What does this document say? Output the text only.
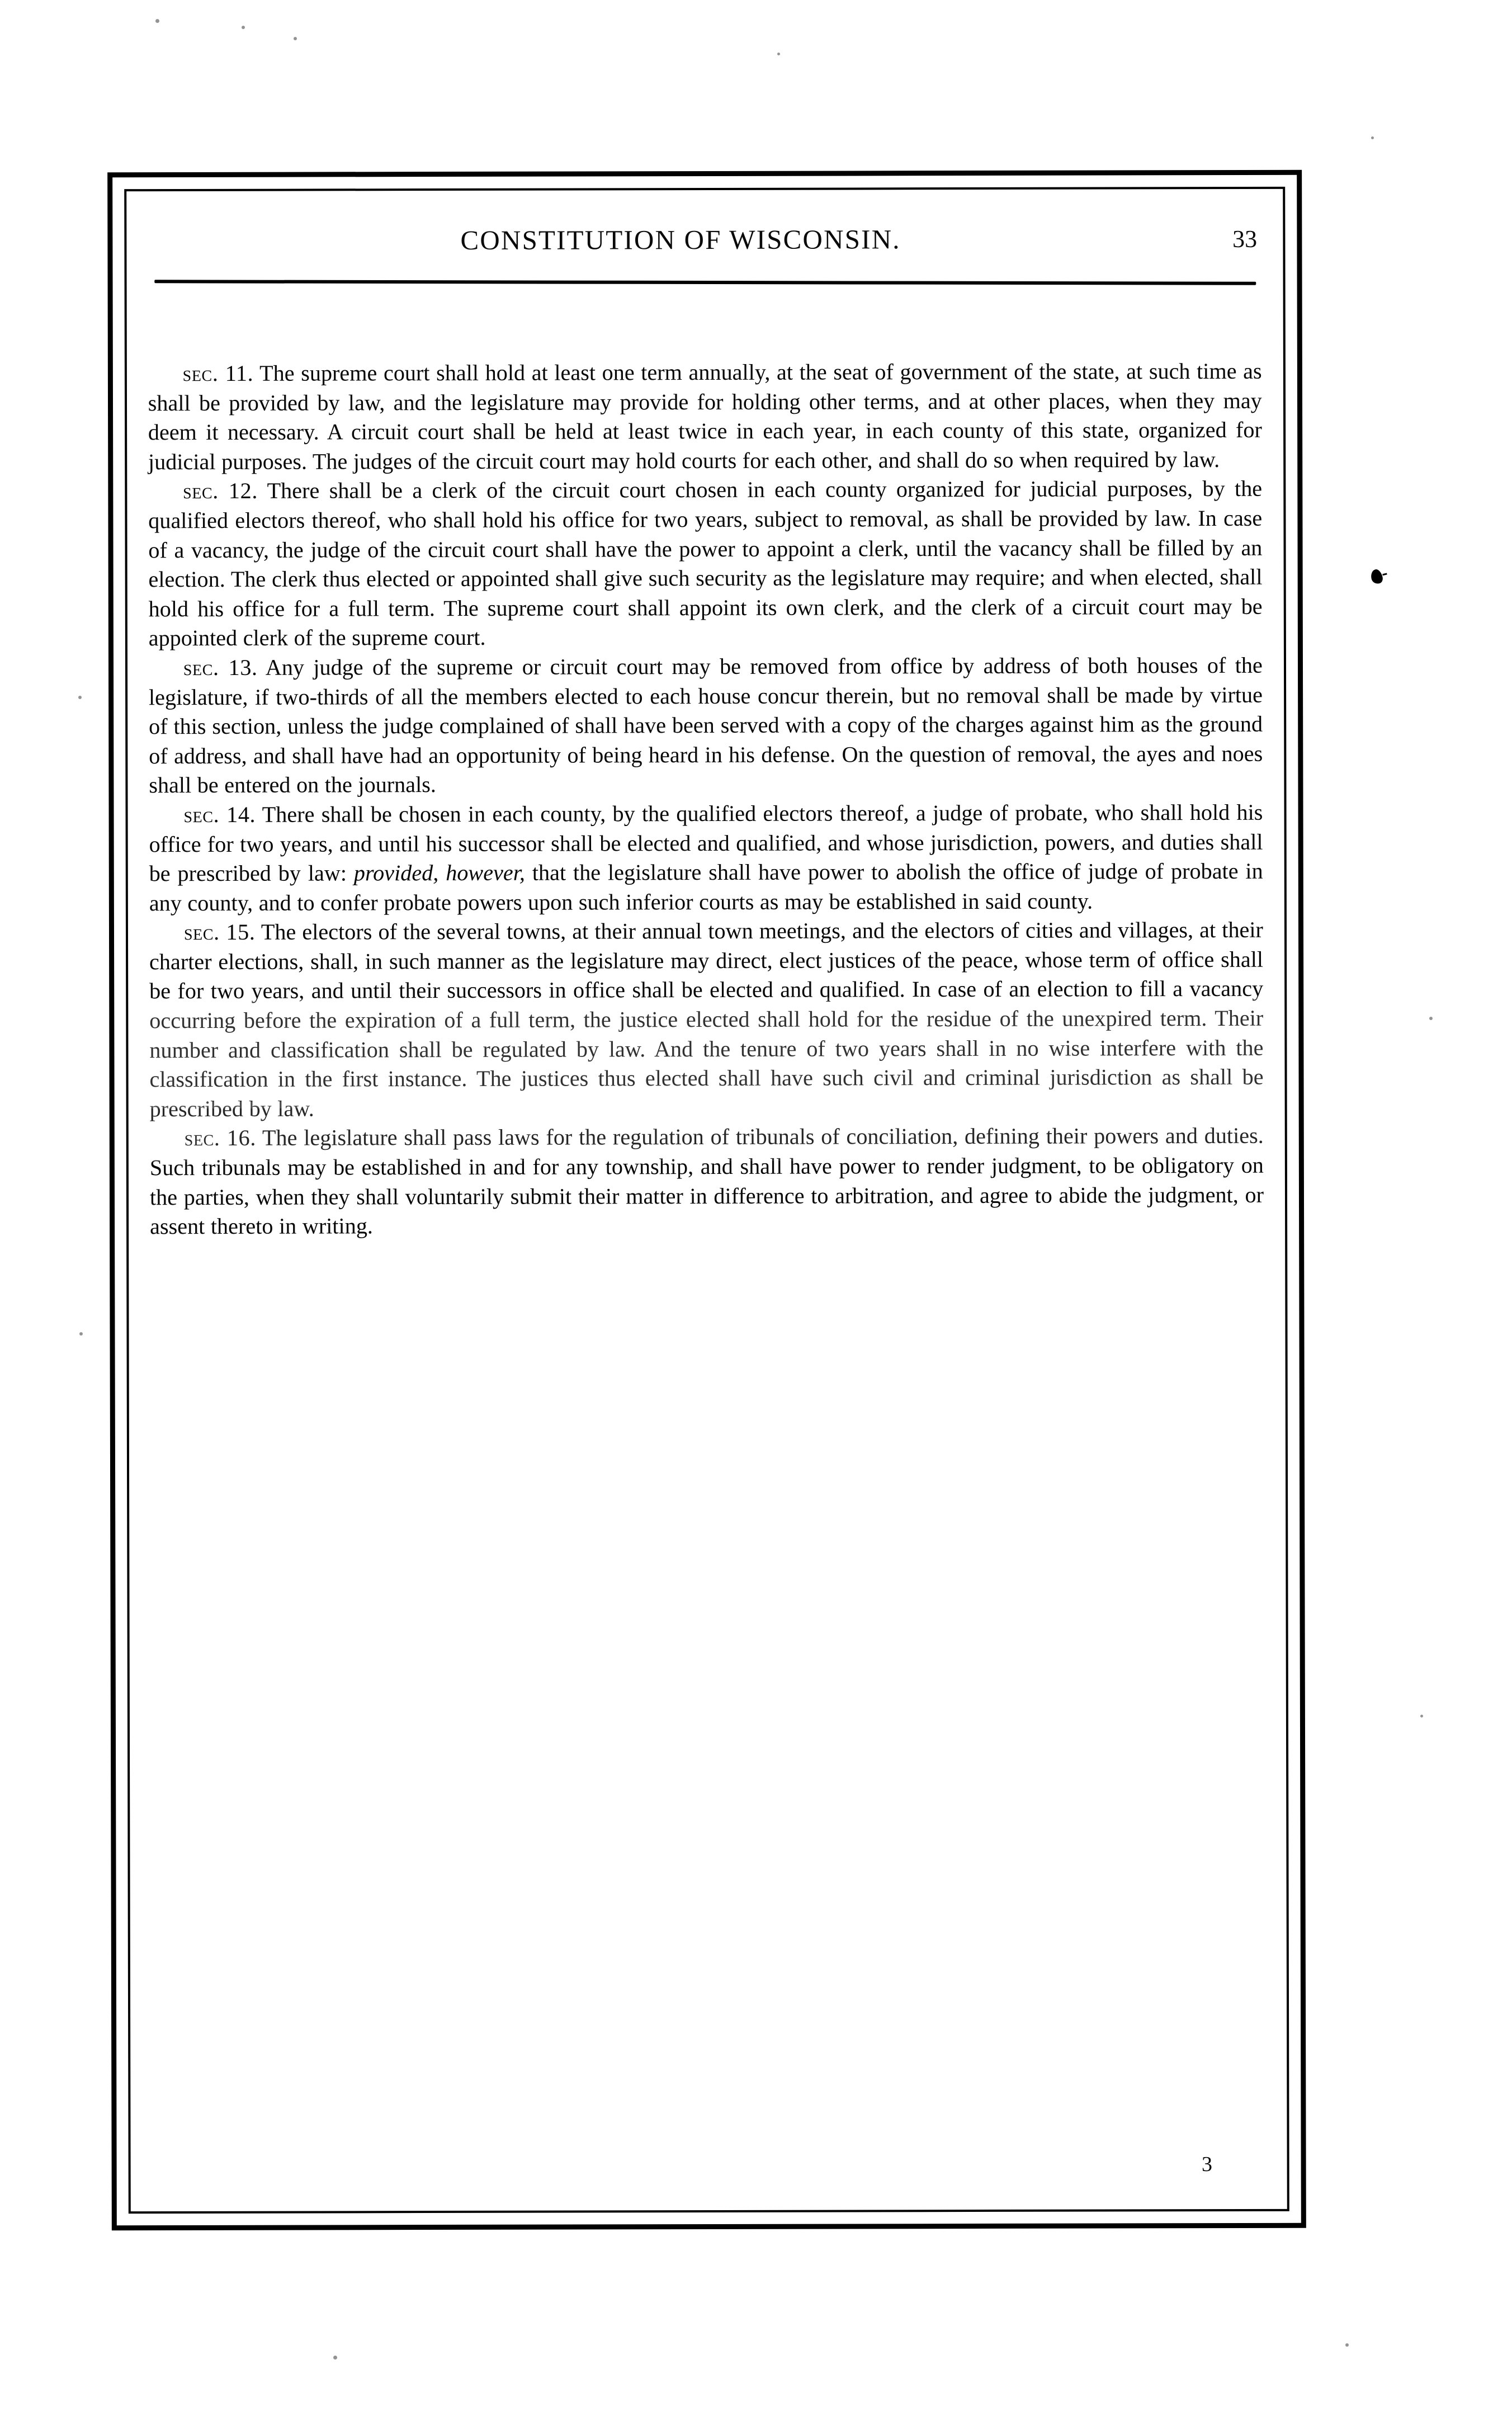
CONSTITUTION OF WISCONSIN.	33

sec. 11. The supreme court shall hold at least one term annually, at the seat of government of the state, at such time as shall be provided by law, and the legislature may provide for holding other terms, and at other places, when they may deem it necessary. A circuit court shall be held at least twice in each year, in each county of this state, organized for judicial purposes. The judges of the circuit court may hold courts for each other, and shall do so when required by law.

sec. 12. There shall be a clerk of the circuit court chosen in each county organized for judicial purposes, by the qualified electors thereof, who shall hold his office for two years, subject to removal, as shall be provided by law. In case of a vacancy, the judge of the circuit court shall have the power to appoint a clerk, until the vacancy shall be filled by an election. The clerk thus elected or appointed shall give such security as the legislature may require; and when elected, shall hold his office for a full term. The supreme court shall appoint its own clerk, and the clerk of a circuit court may be appointed clerk of the supreme court.

sec. 13. Any judge of the supreme or circuit court may be removed from office by address of both houses of the legislature, if two-thirds of all the members elected to each house concur therein, but no removal shall be made by virtue of this section, unless the judge complained of shall have been served with a copy of the charges against him as the ground of address, and shall have had an opportunity of being heard in his defense. On the question of removal, the ayes and noes shall be entered on the journals.

sec. 14. There shall be chosen in each county, by the qualified electors thereof, a judge of probate, who shall hold his office for two years, and until his successor shall be elected and qualified, and whose jurisdiction, powers, and duties shall be prescribed by law: provided, however, that the legislature shall have power to abolish the office of judge of probate in any county, and to confer probate powers upon such inferior courts as may be established in said county.

sec. 15. The electors of the several towns, at their annual town meetings, and the electors of cities and villages, at their charter elections, shall, in such manner as the legislature may direct, elect justices of the peace, whose term of office shall be for two years, and until their successors in office shall be elected and qualified. In case of an election to fill a vacancy occurring before the expiration of a full term, the justice elected shall hold for the residue of the unexpired term. Their number and classification shall be regulated by law. And the tenure of two years shall in no wise interfere with the classification in the first instance. The justices thus elected shall have such civil and criminal jurisdiction as shall be prescribed by law.

sec. 16. The legislature shall pass laws for the regulation of tribunals of conciliation, defining their powers and duties. Such tribunals may be established in and for any township, and shall have power to render judgment, to be obligatory on the parties, when they shall voluntarily submit their matter in difference to arbitration, and agree to abide the judgment, or assent thereto in writing.

3
